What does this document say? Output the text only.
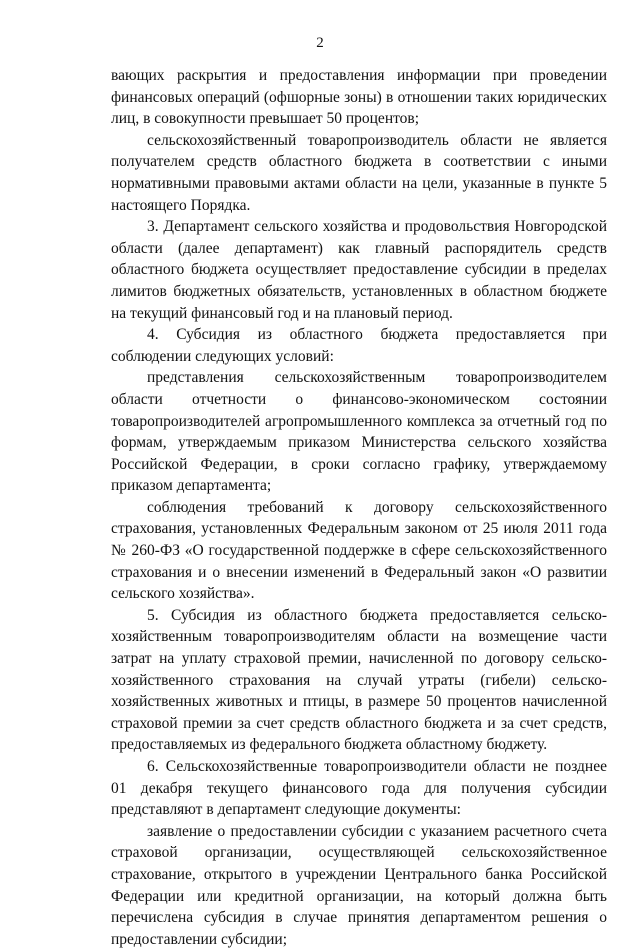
2

вающих раскрытия и предоставления информации при проведении финансовых операций (офшорные зоны) в отношении таких юридических лиц, в совокупности превышает 50 процентов;

сельскохозяйственный товаропроизводитель области не является получателем средств областного бюджета в соответствии с иными нормативными правовыми актами области на цели, указанные в пункте 5 настоящего Порядка.

3. Департамент сельского хозяйства и продовольствия Новгородской области (далее департамент) как главный распорядитель средств областного бюджета осуществляет предоставление субсидии в пределах лимитов бюджетных обязательств, установленных в областном бюджете на текущий финансовый год и на плановый период.

4. Субсидия из областного бюджета предоставляется при соблюдении следующих условий:

представления сельскохозяйственным товаропроизводителем области отчетности о финансово-экономическом состоянии товаропроизводителей агропромышленного комплекса за отчетный год по формам, утверждаемым приказом Министерства сельского хозяйства Российской Федерации, в сроки согласно графику, утверждаемому приказом департамента;

соблюдения требований к договору сельскохозяйственного страхования, установленных Федеральным законом от 25 июля 2011 года № 260-ФЗ «О государственной поддержке в сфере сельскохозяйственного страхования и о внесении изменений в Федеральный закон «О развитии сельского хозяйства».

5. Субсидия из областного бюджета предоставляется сельскохозяйственным товаропроизводителям области на возмещение части затрат на уплату страховой премии, начисленной по договору сельскохозяйственного страхования на случай утраты (гибели) сельскохозяйственных животных и птицы, в размере 50 процентов начисленной страховой премии за счет средств областного бюджета и за счет средств, предоставляемых из федерального бюджета областному бюджету.

6. Сельскохозяйственные товаропроизводители области не позднее 01 декабря текущего финансового года для получения субсидии представляют в департамент следующие документы:

заявление о предоставлении субсидии с указанием расчетного счета страховой организации, осуществляющей сельскохозяйственное страхование, открытого в учреждении Центрального банка Российской Федерации или кредитной организации, на который должна быть перечислена субсидия в случае принятия департаментом решения о предоставлении субсидии;
